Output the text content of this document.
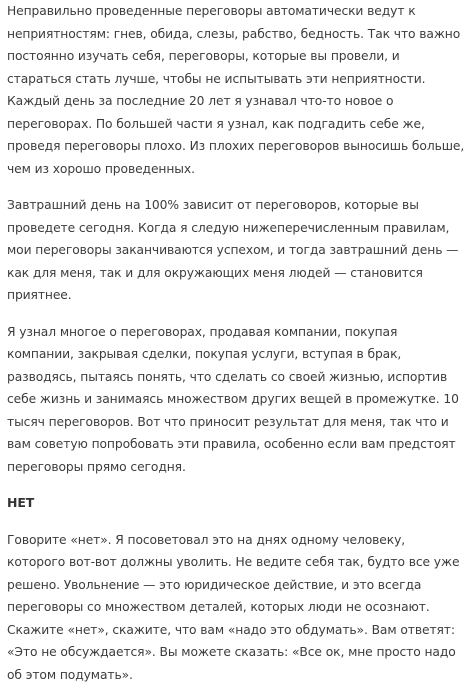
Неправильно проведенные переговоры автоматически ведут к неприятностям: гнев, обида, слезы, рабство, бедность. Так что важно постоянно изучать себя, переговоры, которые вы провели, и стараться стать лучше, чтобы не испытывать эти неприятности. Каждый день за последние 20 лет я узнавал что-то новое о переговорах. По большей части я узнал, как подгадить себе же, проведя переговоры плохо. Из плохих переговоров выносишь больше, чем из хорошо проведенных.

Завтрашний день на 100% зависит от переговоров, которые вы проведете сегодня. Когда я следую нижеперечисленным правилам, мои переговоры заканчиваются успехом, и тогда завтрашний день — как для меня, так и для окружающих меня людей — становится приятнее.

Я узнал многое о переговорах, продавая компании, покупая компании, закрывая сделки, покупая услуги, вступая в брак, разводясь, пытаясь понять, что сделать со своей жизнью, испортив себе жизнь и занимаясь множеством других вещей в промежутке. 10 тысяч переговоров. Вот что приносит результат для меня, так что и вам советую попробовать эти правила, особенно если вам предстоят переговоры прямо сегодня.

НЕТ

Говорите «нет». Я посоветовал это на днях одному человеку, которого вот-вот должны уволить. Не ведите себя так, будто все уже решено. Увольнение — это юридическое действие, и это всегда переговоры со множеством деталей, которых люди не осознают. Скажите «нет», скажите, что вам «надо это обдумать». Вам ответят: «Это не обсуждается». Вы можете сказать: «Все ок, мне просто надо об этом подумать».
